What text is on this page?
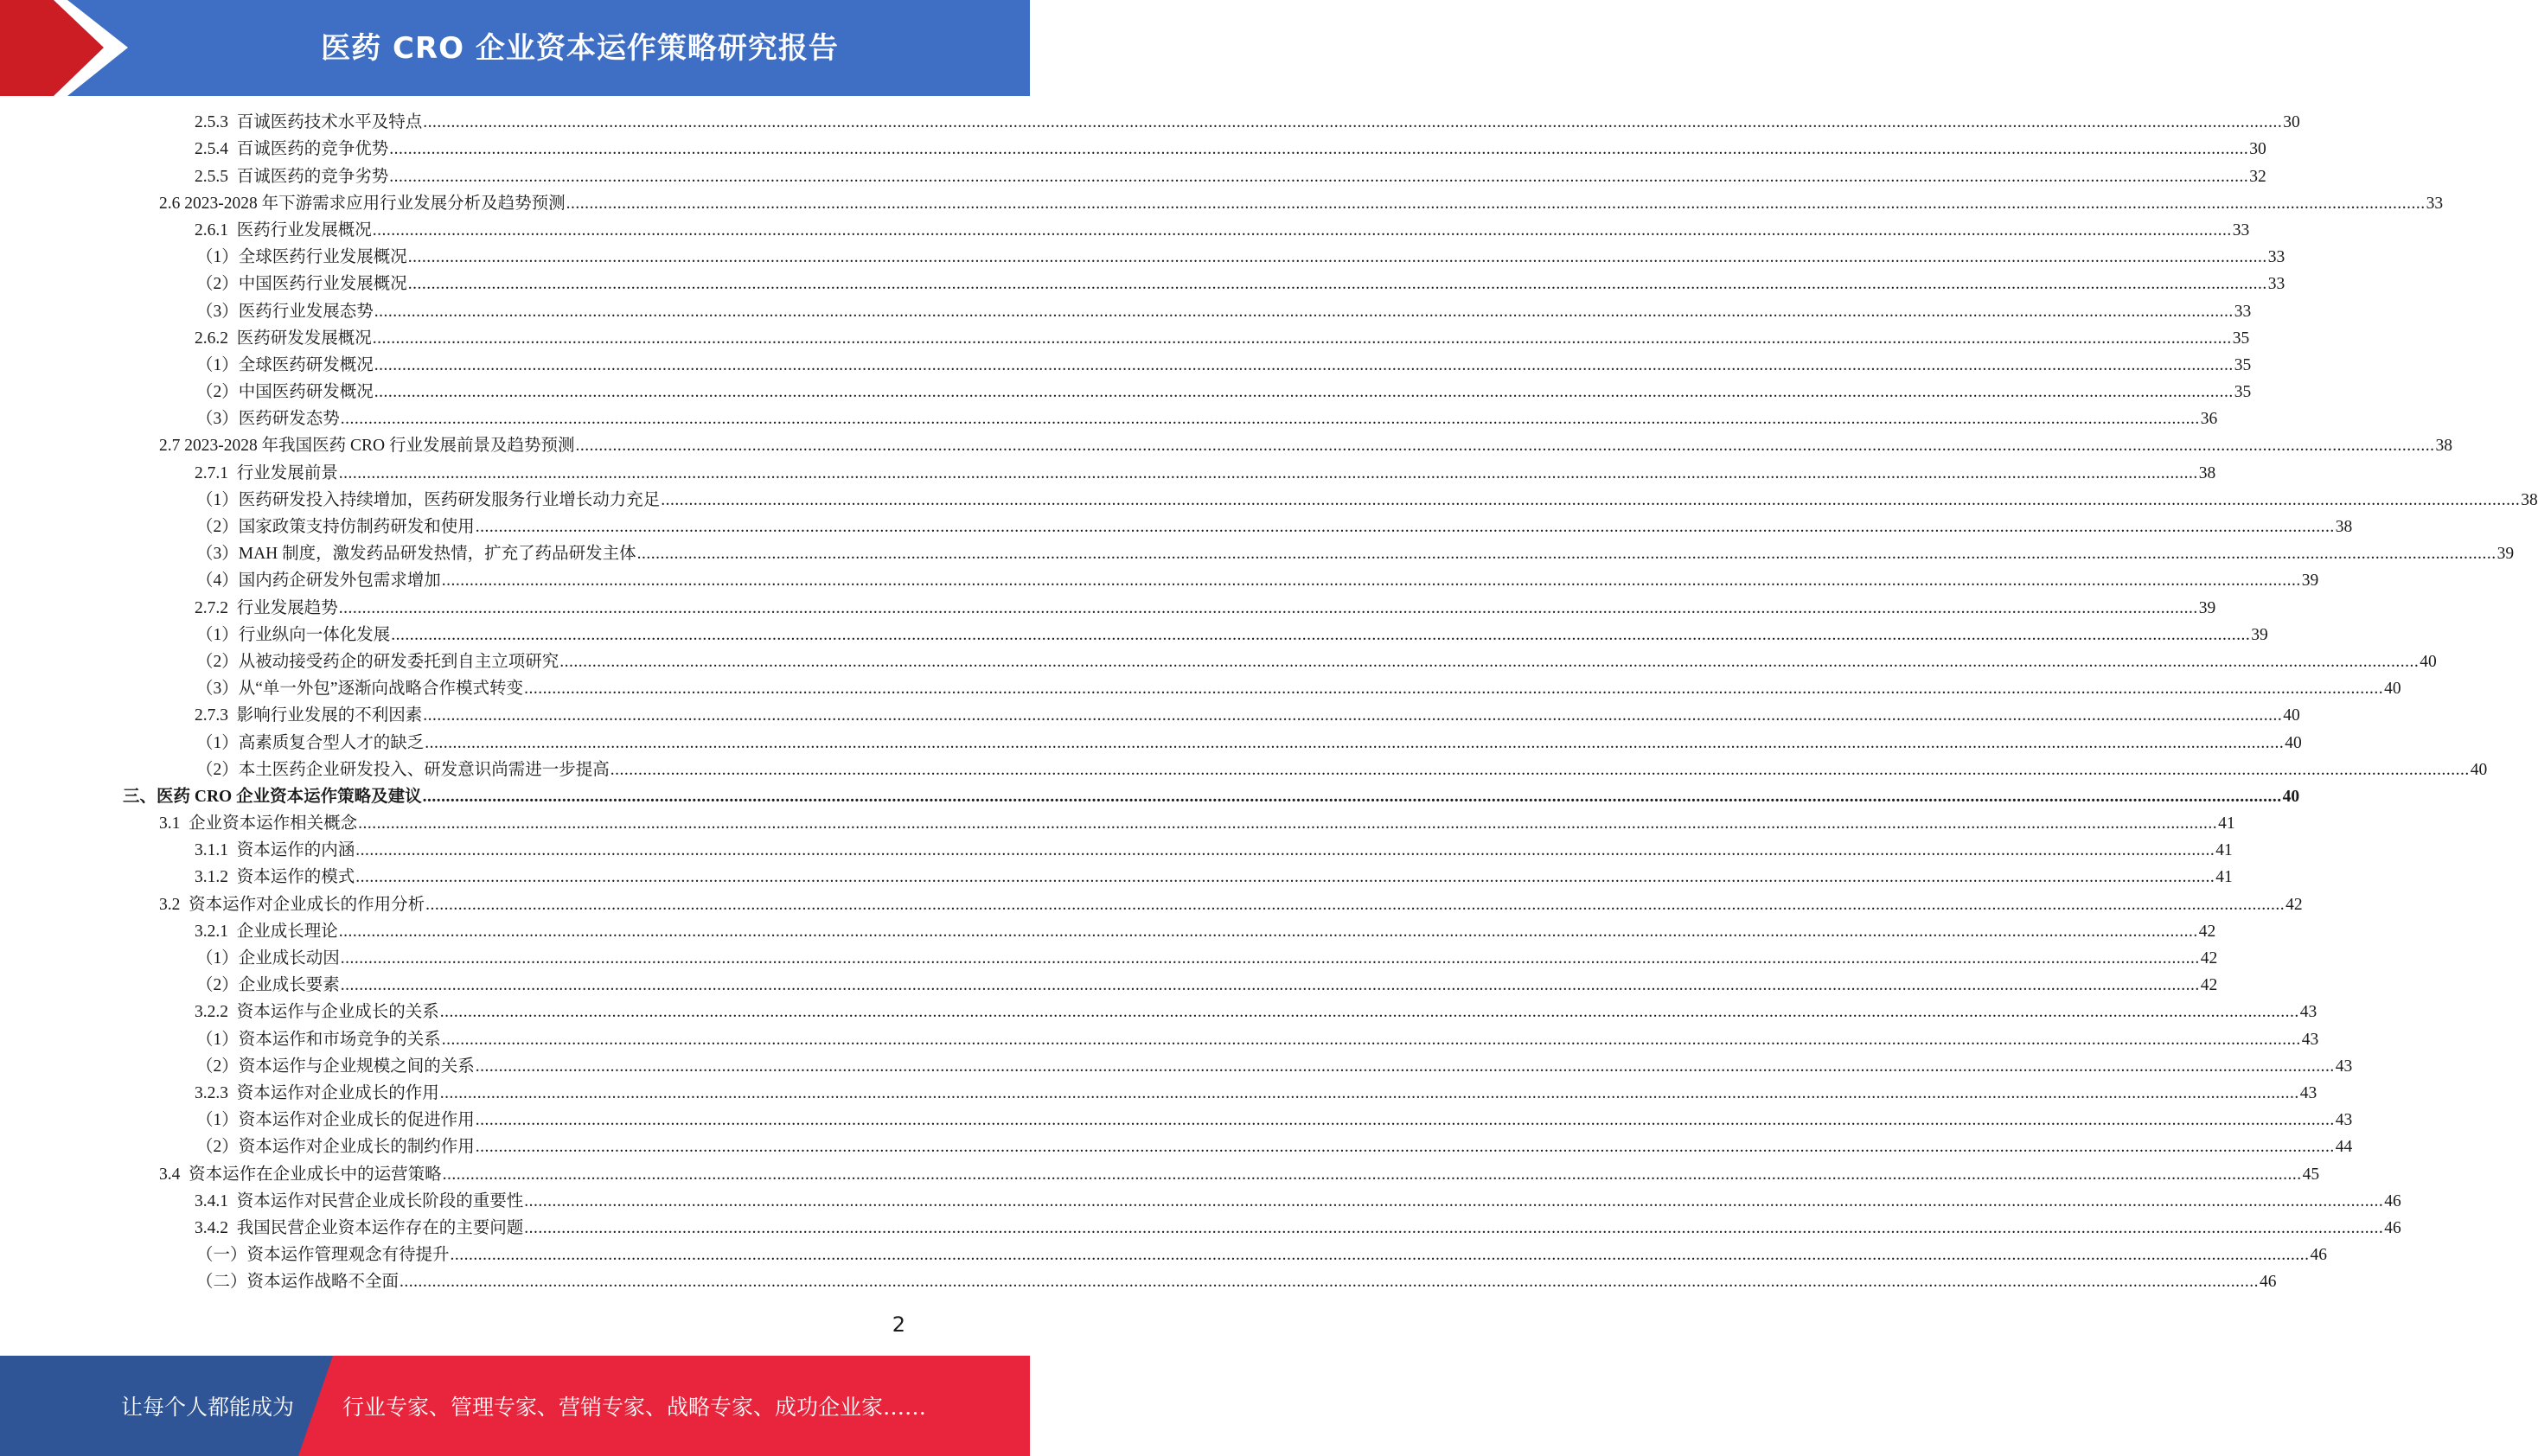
医药 CRO 企业资本运作策略研究报告
2.5.3  百诚医药技术水平及特点 ................................................................................................................................................................................................................................................................................................................................................................................................................ 30
2.5.4  百诚医药的竞争优势 ................................................................................................................................................................................................................................................................................................................................................................................................................ 30
2.5.5  百诚医药的竞争劣势 ................................................................................................................................................................................................................................................................................................................................................................................................................ 32
2.6 2023-2028 年下游需求应用行业发展分析及趋势预测 ................................................................................................................................................................................................................................................................................................................................................................................................................ 33
2.6.1  医药行业发展概况 ................................................................................................................................................................................................................................................................................................................................................................................................................ 33
（1）全球医药行业发展概况 ................................................................................................................................................................................................................................................................................................................................................................................................................ 33
（2）中国医药行业发展概况 ................................................................................................................................................................................................................................................................................................................................................................................................................ 33
（3）医药行业发展态势 ................................................................................................................................................................................................................................................................................................................................................................................................................ 33
2.6.2  医药研发发展概况 ................................................................................................................................................................................................................................................................................................................................................................................................................ 35
（1）全球医药研发概况 ................................................................................................................................................................................................................................................................................................................................................................................................................ 35
（2）中国医药研发概况 ................................................................................................................................................................................................................................................................................................................................................................................................................ 35
（3）医药研发态势 ................................................................................................................................................................................................................................................................................................................................................................................................................ 36
2.7 2023-2028 年我国医药 CRO 行业发展前景及趋势预测 ................................................................................................................................................................................................................................................................................................................................................................................................................ 38
2.7.1  行业发展前景 ................................................................................................................................................................................................................................................................................................................................................................................................................ 38
（1）医药研发投入持续增加，医药研发服务行业增长动力充足 ................................................................................................................................................................................................................................................................................................................................................................................................................ 38
（2）国家政策支持仿制药研发和使用 ................................................................................................................................................................................................................................................................................................................................................................................................................ 38
（3）MAH 制度，激发药品研发热情，扩充了药品研发主体 ................................................................................................................................................................................................................................................................................................................................................................................................................ 39
（4）国内药企研发外包需求增加 ................................................................................................................................................................................................................................................................................................................................................................................................................ 39
2.7.2  行业发展趋势 ................................................................................................................................................................................................................................................................................................................................................................................................................ 39
（1）行业纵向一体化发展 ................................................................................................................................................................................................................................................................................................................................................................................................................ 39
（2）从被动接受药企的研发委托到自主立项研究 ................................................................................................................................................................................................................................................................................................................................................................................................................ 40
（3）从“单一外包”逐渐向战略合作模式转变 ................................................................................................................................................................................................................................................................................................................................................................................................................ 40
2.7.3  影响行业发展的不利因素 ................................................................................................................................................................................................................................................................................................................................................................................................................ 40
（1）高素质复合型人才的缺乏 ................................................................................................................................................................................................................................................................................................................................................................................................................ 40
（2）本土医药企业研发投入、研发意识尚需进一步提高 ................................................................................................................................................................................................................................................................................................................................................................................................................ 40
三、医药 CRO 企业资本运作策略及建议 ................................................................................................................................................................................................................................................................................................................................................................................................................ 40
3.1  企业资本运作相关概念 ................................................................................................................................................................................................................................................................................................................................................................................................................ 41
3.1.1  资本运作的内涵 ................................................................................................................................................................................................................................................................................................................................................................................................................ 41
3.1.2  资本运作的模式 ................................................................................................................................................................................................................................................................................................................................................................................................................ 41
3.2  资本运作对企业成长的作用分析 ................................................................................................................................................................................................................................................................................................................................................................................................................ 42
3.2.1  企业成长理论 ................................................................................................................................................................................................................................................................................................................................................................................................................ 42
（1）企业成长动因 ................................................................................................................................................................................................................................................................................................................................................................................................................ 42
（2）企业成长要素 ................................................................................................................................................................................................................................................................................................................................................................................................................ 42
3.2.2  资本运作与企业成长的关系 ................................................................................................................................................................................................................................................................................................................................................................................................................ 43
（1）资本运作和市场竞争的关系 ................................................................................................................................................................................................................................................................................................................................................................................................................ 43
（2）资本运作与企业规模之间的关系 ................................................................................................................................................................................................................................................................................................................................................................................................................ 43
3.2.3  资本运作对企业成长的作用 ................................................................................................................................................................................................................................................................................................................................................................................................................ 43
（1）资本运作对企业成长的促进作用 ................................................................................................................................................................................................................................................................................................................................................................................................................ 43
（2）资本运作对企业成长的制约作用 ................................................................................................................................................................................................................................................................................................................................................................................................................ 44
3.4  资本运作在企业成长中的运营策略 ................................................................................................................................................................................................................................................................................................................................................................................................................ 45
3.4.1  资本运作对民营企业成长阶段的重要性 ................................................................................................................................................................................................................................................................................................................................................................................................................ 46
3.4.2  我国民营企业资本运作存在的主要问题 ................................................................................................................................................................................................................................................................................................................................................................................................................ 46
（一）资本运作管理观念有待提升 ................................................................................................................................................................................................................................................................................................................................................................................................................ 46
（二）资本运作战略不全面 ................................................................................................................................................................................................................................................................................................................................................................................................................ 46
2
让每个人都能成为 行业专家、管理专家、营销专家、战略专家、成功企业家……
